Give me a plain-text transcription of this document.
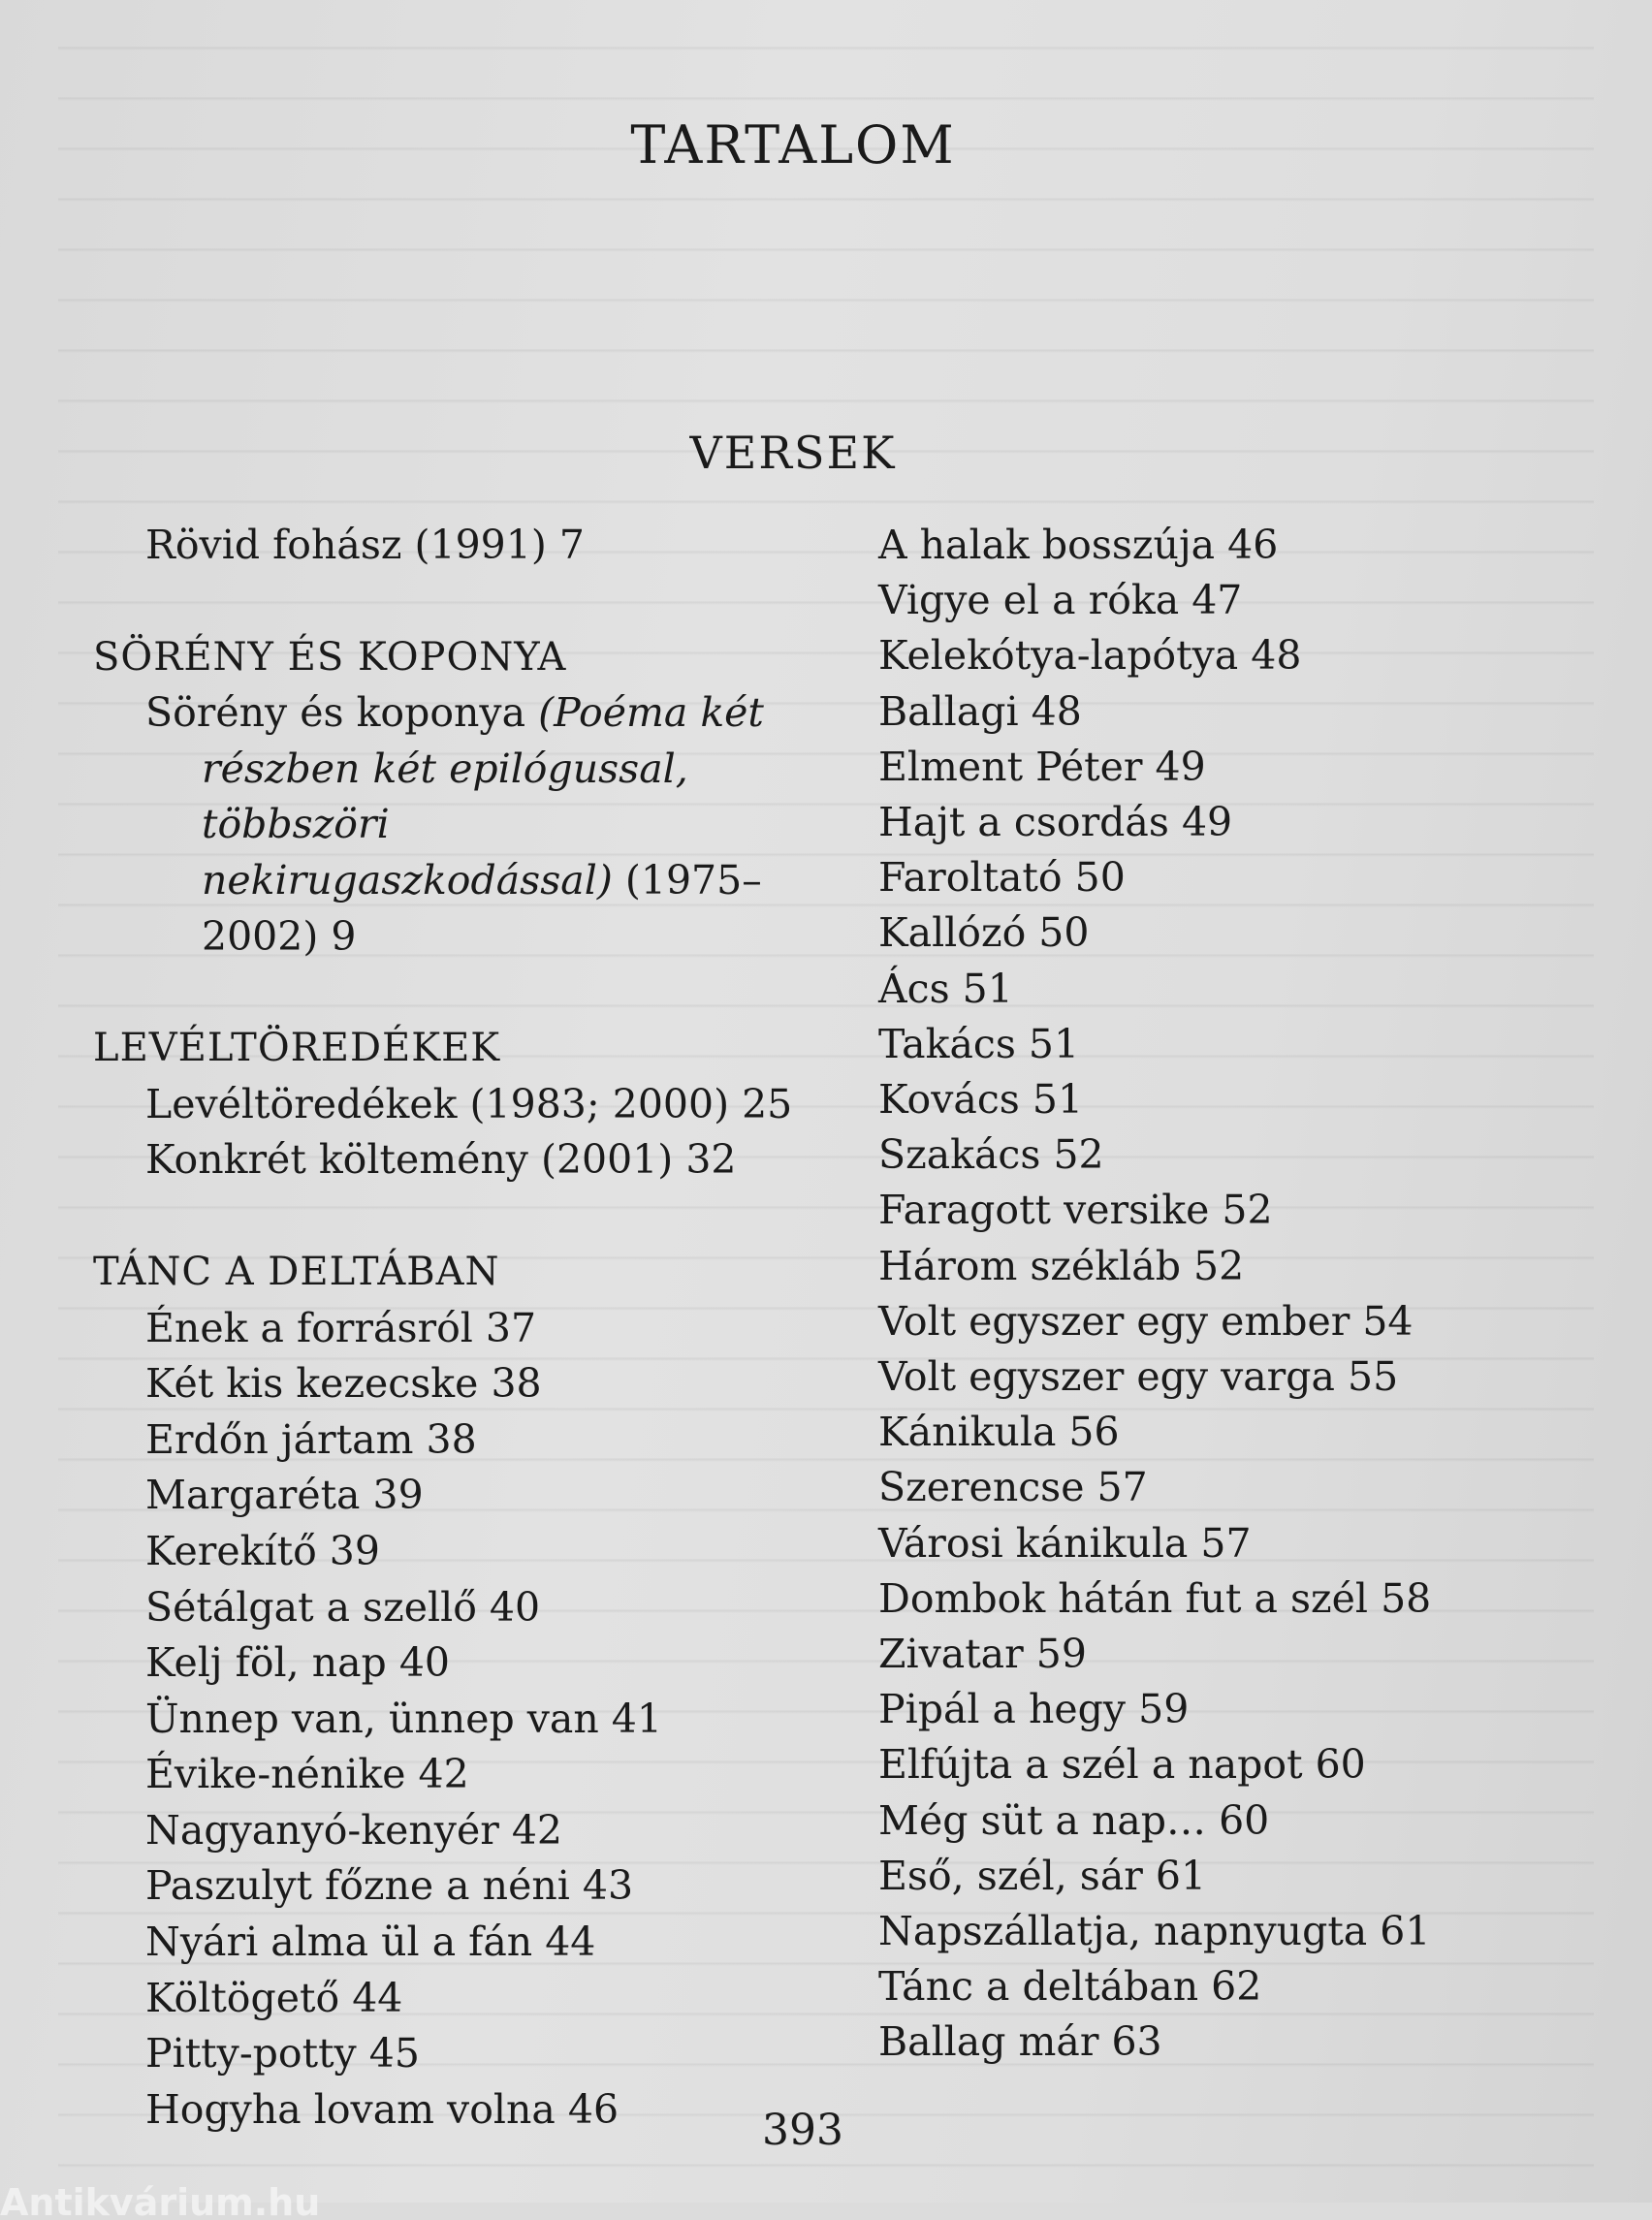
TARTALOM
VERSEK
Rövid fohász (1991) 7
SÖRÉNY ÉS KOPONYA
Sörény és koponya (Poéma két részben két epilógussal, többszöri nekirugaszkodással) (1975–2002) 9
LEVÉLTÖREDÉKEK
Levéltöredékek (1983; 2000) 25
Konkrét költemény (2001) 32
TÁNC A DELTÁBAN
Ének a forrásról 37
Két kis kezecske 38
Erdőn jártam 38
Margaréta 39
Kerekítő 39
Sétálgat a szellő 40
Kelj föl, nap 40
Ünnep van, ünnep van 41
Évike-nénike 42
Nagyanyó-kenyér 42
Paszulyt főzne a néni 43
Nyári alma ül a fán 44
Költögető 44
Pitty-potty 45
Hogyha lovam volna 46
A halak bosszúja 46
Vigye el a róka 47
Kelekótya-lapótya 48
Ballagi 48
Elment Péter 49
Hajt a csordás 49
Faroltató 50
Kallózó 50
Ács 51
Takács 51
Kovács 51
Szakács 52
Faragott versike 52
Három székláb 52
Volt egyszer egy ember 54
Volt egyszer egy varga 55
Kánikula 56
Szerencse 57
Városi kánikula 57
Dombok hátán fut a szél 58
Zivatar 59
Pipál a hegy 59
Elfújta a szél a napot 60
Még süt a nap… 60
Eső, szél, sár 61
Napszállatja, napnyugta 61
Tánc a deltában 62
Ballag már 63
393
Antikvárium.hu
